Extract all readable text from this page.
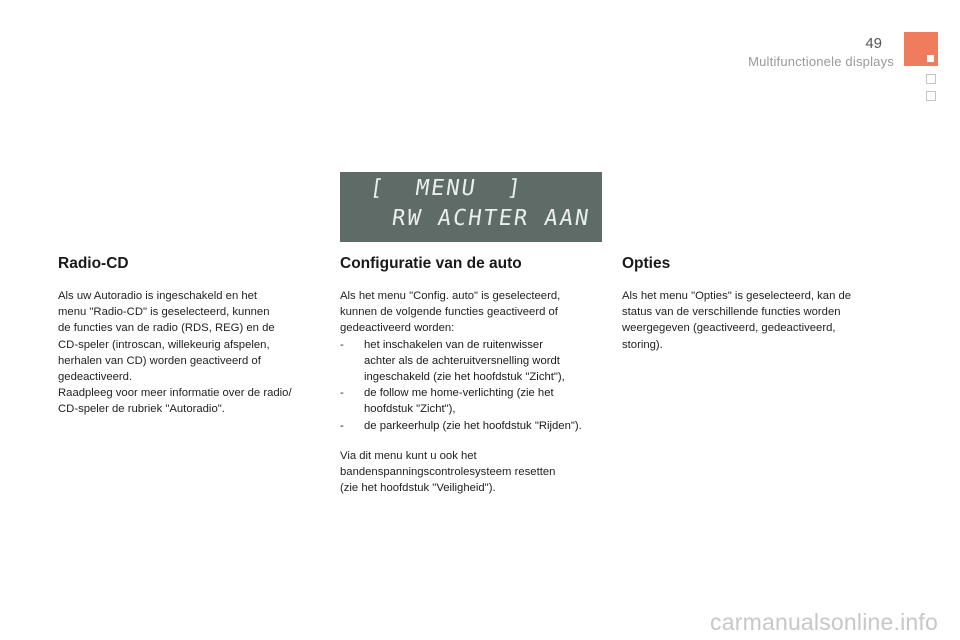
49
Multifunctionele displays
[  MENU  ]
RW ACHTER AAN
Radio-CD

Als uw Autoradio is ingeschakeld en het
menu "Radio-CD" is geselecteerd, kunnen
de functies van de radio (RDS, REG) en de
CD-speler (introscan, willekeurig afspelen,
herhalen van CD) worden geactiveerd of
gedeactiveerd.
Raadpleeg voor meer informatie over de radio/
CD-speler de rubriek "Autoradio".

Configuratie van de auto

Als het menu "Config. auto" is geselecteerd,
kunnen de volgende functies geactiveerd of
gedeactiveerd worden:

- het inschakelen van de ruitenwisser
achter als de achteruitversnelling wordt
ingeschakeld (zie het hoofdstuk "Zicht"),
- de follow me home-verlichting (zie het
hoofdstuk "Zicht"),
- de parkeerhulp (zie het hoofdstuk "Rijden").

Via dit menu kunt u ook het
bandenspanningscontrolesysteem resetten
(zie het hoofdstuk "Veiligheid").

Opties

Als het menu "Opties" is geselecteerd, kan de
status van de verschillende functies worden
weergegeven (geactiveerd, gedeactiveerd,
storing).

carmanualsonline.info
